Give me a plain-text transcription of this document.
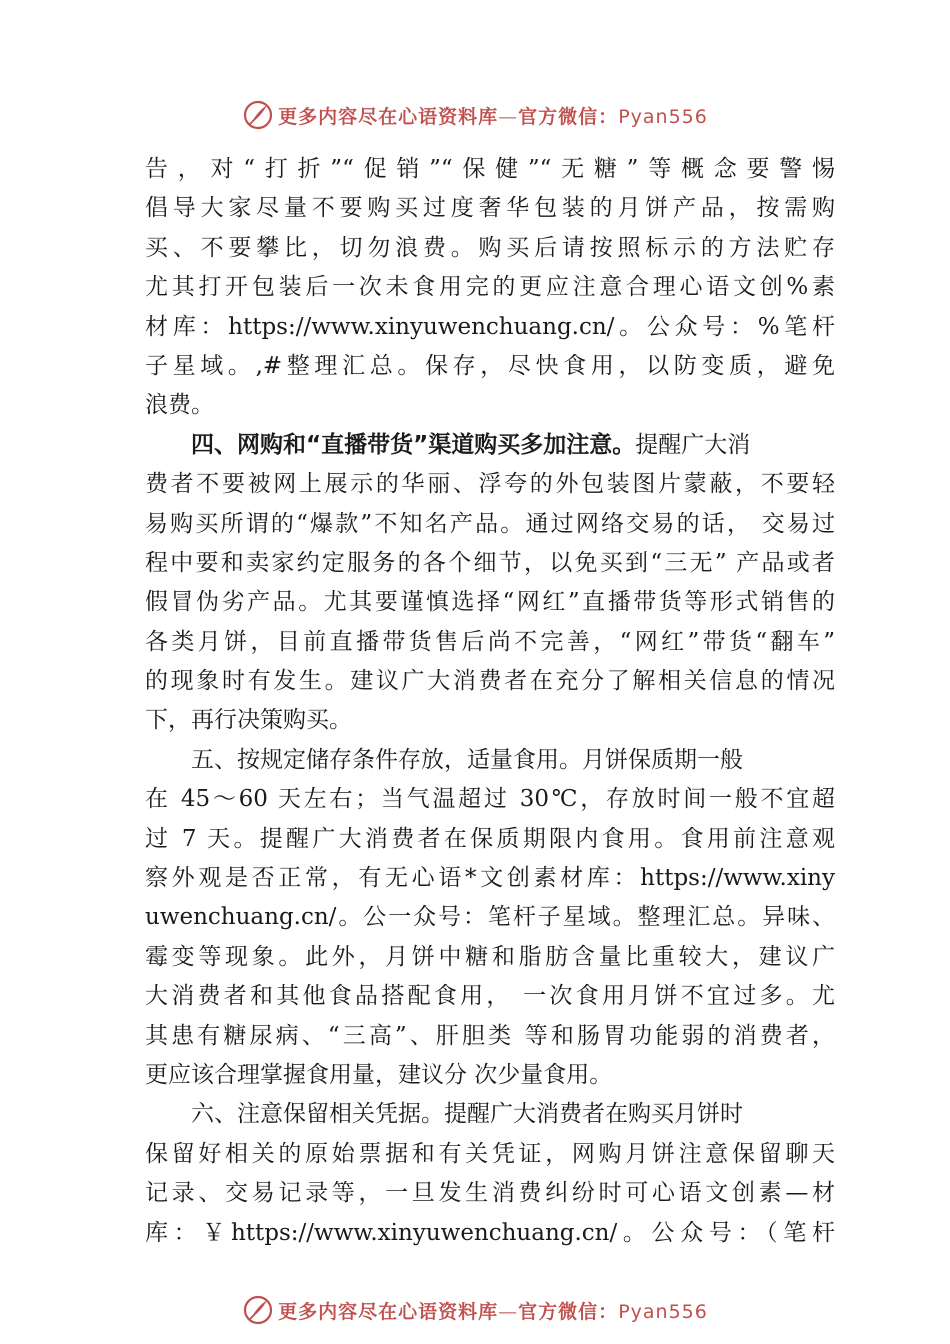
更多内容尽在心语资料库—官方微信：Pyan556
告，对“打折”“促销”“保健”“无糖”等概念要警惕
倡导大家尽量不要购买过度奢华包装的月饼产品，按需购
买、不要攀比，切勿浪费。购买后请按照标示的方法贮存
尤其打开包装后一次未食用完的更应注意合理心语文创%素
材库：https://www.xinyuwenchuang.cn/。公众号：%笔杆
子星域。,#整理汇总。保存，尽快食用，以防变质，避免
浪费。
四、网购和“直播带货”渠道购买多加注意。提醒广大消
费者不要被网上展示的华丽、浮夸的外包装图片蒙蔽，不要轻
易购买所谓的“爆款”不知名产品。通过网络交易的话， 交易过
程中要和卖家约定服务的各个细节，以免买到“三无” 产品或者
假冒伪劣产品。尤其要谨慎选择“网红”直播带货等形式销售的
各类月饼，目前直播带货售后尚不完善，“网红”带货“翻车”
的现象时有发生。建议广大消费者在充分了解相关信息的情况
下，再行决策购买。
五、按规定储存条件存放，适量食用。月饼保质期一般
在 45～60 天左右；当气温超过 30℃，存放时间一般不宜超
过 7 天。提醒广大消费者在保质期限内食用。食用前注意观
察外观是否正常，有无心语*文创素材库：https://www.xiny
uwenchuang.cn/。公一众号：笔杆子星域。整理汇总。异味、
霉变等现象。此外，月饼中糖和脂肪含量比重较大，建议广
大消费者和其他食品搭配食用， 一次食用月饼不宜过多。尤
其患有糖尿病、“三高”、肝胆类 等和肠胃功能弱的消费者，
更应该合理掌握食用量，建议分 次少量食用。
六、注意保留相关凭据。提醒广大消费者在购买月饼时
保留好相关的原始票据和有关凭证，网购月饼注意保留聊天
记录、交易记录等，一旦发生消费纠纷时可心语文创素—材
库：￥https://www.xinyuwenchuang.cn/。公众号：（笔杆
更多内容尽在心语资料库—官方微信：Pyan556
